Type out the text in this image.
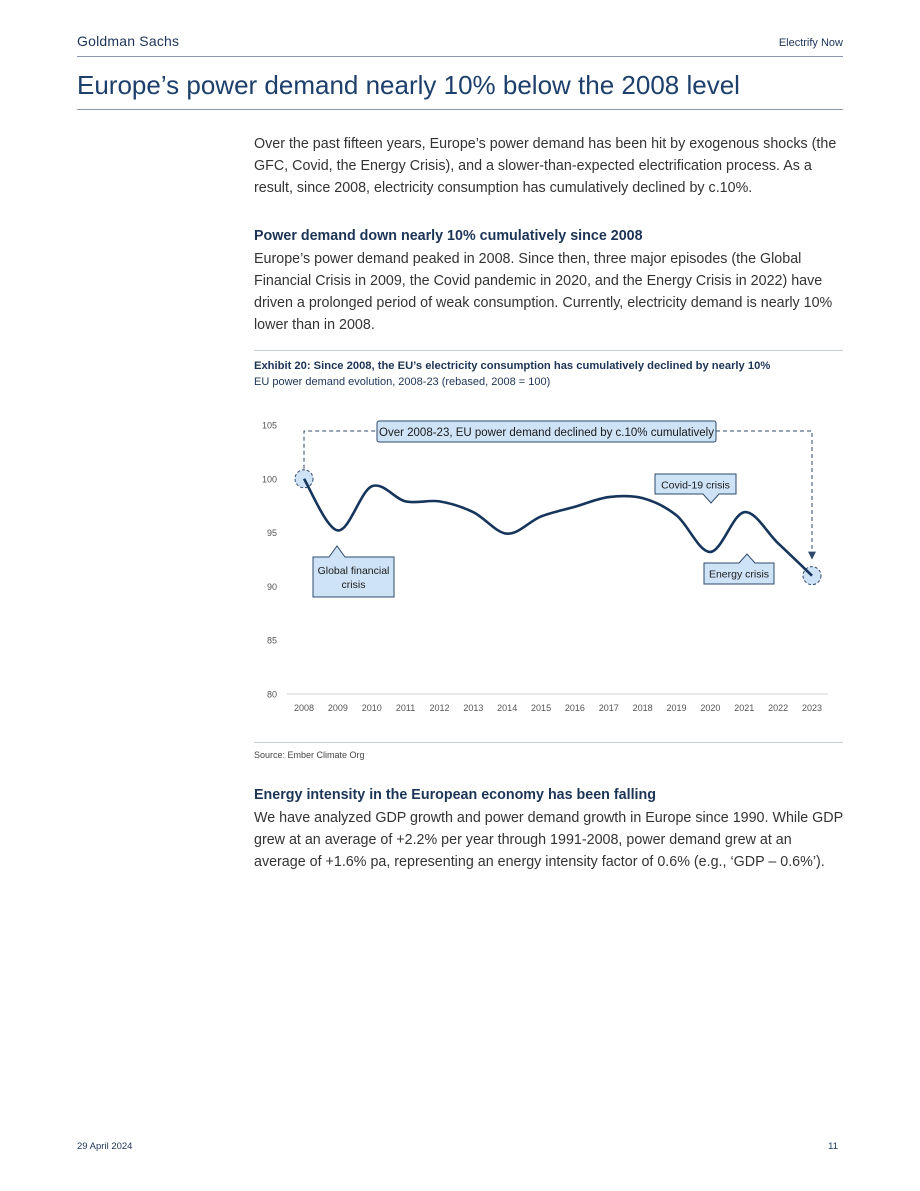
Goldman Sachs	Electrify Now
Europe’s power demand nearly 10% below the 2008 level

Over the past fifteen years, Europe’s power demand has been hit by exogenous shocks (the GFC, Covid, the Energy Crisis), and a slower-than-expected electrification process. As a result, since 2008, electricity consumption has cumulatively declined by c.10%.

Power demand down nearly 10% cumulatively since 2008

Europe’s power demand peaked in 2008. Since then, three major episodes (the Global Financial Crisis in 2009, the Covid pandemic in 2020, and the Energy Crisis in 2022) have driven a prolonged period of weak consumption. Currently, electricity demand is nearly 10% lower than in 2008.

Exhibit 20: Since 2008, the EU’s electricity consumption has cumulatively declined by nearly 10%
EU power demand evolution, 2008-23 (rebased, 2008 = 100)
80
85
90
95
100
105
2008 2009 2010 2011 2012 2013 2014 2015 2016 2017 2018 2019 2020 2021 2022 2023
Over 2008-23, EU power demand declined by c.10% cumulatively
Global financial
crisis
Covid-19 crisis
Energy crisis
Source: Ember Climate Org

Energy intensity in the European economy has been falling

We have analyzed GDP growth and power demand growth in Europe since 1990. While GDP grew at an average of +2.2% per year through 1991-2008, power demand grew at an average of +1.6% pa, representing an energy intensity factor of 0.6% (e.g., ‘GDP – 0.6%’).

29 April 2024	11
